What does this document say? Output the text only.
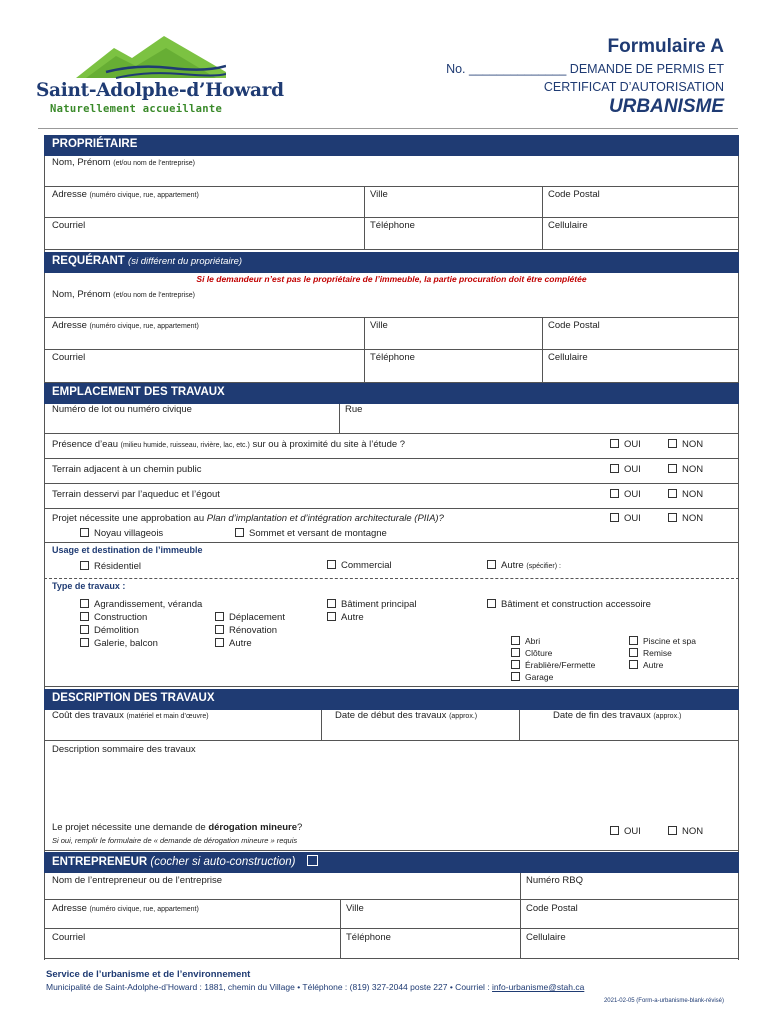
Saint-Adolphe-d’Howard
Naturellement accueillante
Formulaire A
No. ______________ DEMANDE DE PERMIS ET
CERTIFICAT D’AUTORISATION
URBANISME
PROPRIÉTAIRE
Nom, Prénom (et/ou nom de l’entreprise)
Adresse (numéro civique, rue, appartement)	Ville	Code Postal
Courriel	Téléphone	Cellulaire
REQUÉRANT (si différent du propriétaire)
Si le demandeur n’est pas le propriétaire de l’immeuble, la partie procuration doit être complétée
Nom, Prénom (et/ou nom de l’entreprise)
Adresse (numéro civique, rue, appartement)	Ville	Code Postal
Courriel	Téléphone	Cellulaire
EMPLACEMENT DES TRAVAUX
Numéro de lot ou numéro civique	Rue
Présence d’eau (milieu humide, ruisseau, rivière, lac, etc.) sur ou à proximité du site à l’étude ?	OUI	NON
Terrain adjacent à un chemin public	OUI	NON
Terrain desservi par l’aqueduc et l’égout	OUI	NON
Projet nécessite une approbation au Plan d’implantation et d’intégration architecturale (PIIA)?	OUI	NON
Noyau villageois	Sommet et versant de montagne
Usage et destination de l’immeuble
Résidentiel	Commercial	Autre (spécifier) :
Type de travaux :
Agrandissement, véranda
Construction
Démolition
Galerie, balcon
Déplacement
Rénovation
Autre
Bâtiment principal
Autre
Bâtiment et construction accessoire
Abri
Clôture
Érablière/Fermette
Garage
Piscine et spa
Remise
Autre
DESCRIPTION DES TRAVAUX
Coût des travaux (matériel et main d’œuvre)	Date de début des travaux (approx.)	Date de fin des travaux (approx.)
Description sommaire des travaux
Le projet nécessite une demande de dérogation mineure?
Si oui, remplir le formulaire de « demande de dérogation mineure » requis
OUI	NON
ENTREPRENEUR (cocher si auto-construction)
Nom de l’entrepreneur ou de l’entreprise	Numéro RBQ
Adresse (numéro civique, rue, appartement)	Ville	Code Postal
Courriel	Téléphone	Cellulaire
Service de l’urbanisme et de l’environnement
Municipalité de Saint-Adolphe-d’Howard : 1881, chemin du Village • Téléphone : (819) 327-2044 poste 227 • Courriel : info-urbanisme@stah.ca
2021-02-05 (Form-a-urbanisme-blank-révisé)
